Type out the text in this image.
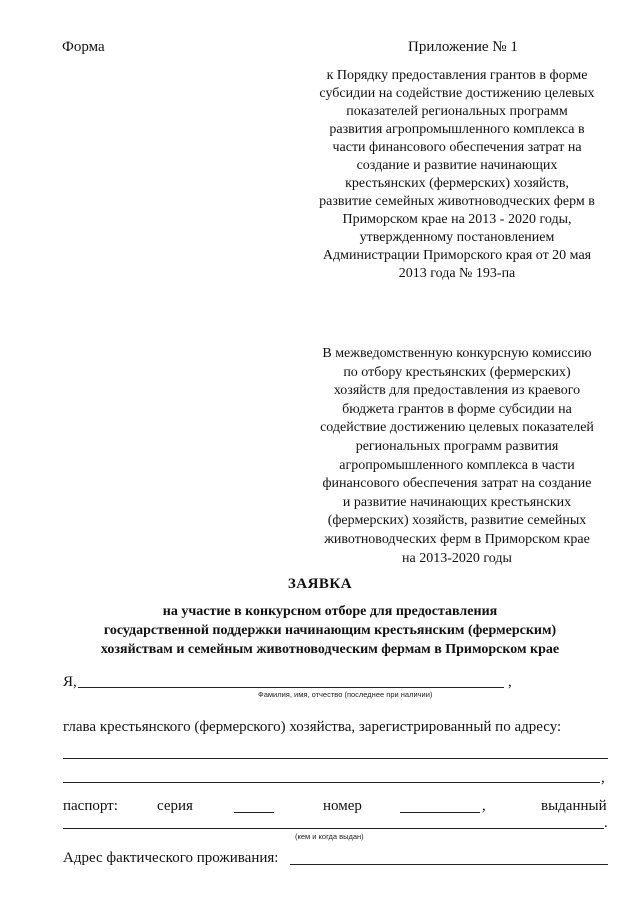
Форма	Приложение № 1
к Порядку предоставления грантов в форме
субсидии на содействие достижению целевых
показателей региональных программ
развития агропромышленного комплекса в
части финансового обеспечения затрат на
создание и развитие начинающих
крестьянских (фермерских) хозяйств,
развитие семейных животноводческих ферм в
Приморском крае на 2013 - 2020 годы,
утвержденному постановлением
Администрации Приморского края от 20 мая
2013 года № 193-па
В межведомственную конкурсную комиссию
по отбору крестьянских (фермерских)
хозяйств для предоставления из краевого
бюджета грантов в форме субсидии на
содействие достижению целевых показателей
региональных программ развития
агропромышленного комплекса в части
финансового обеспечения затрат на создание
и развитие начинающих крестьянских
(фермерских) хозяйств, развитие семейных
животноводческих ферм в Приморском крае
на 2013-2020 годы
ЗАЯВКА
на участие в конкурсном отборе для предоставления
государственной поддержки начинающим крестьянским (фермерским)
хозяйствам и семейным животноводческим фермам в Приморском крае
Я,	,
Фамилия, имя, отчество (последнее при наличии)
глава крестьянского (фермерского) хозяйства, зарегистрированный по адресу:
,
паспорт:	серия	номер	,	выданный
.
(кем и когда выдан)
Адрес фактического проживания:
